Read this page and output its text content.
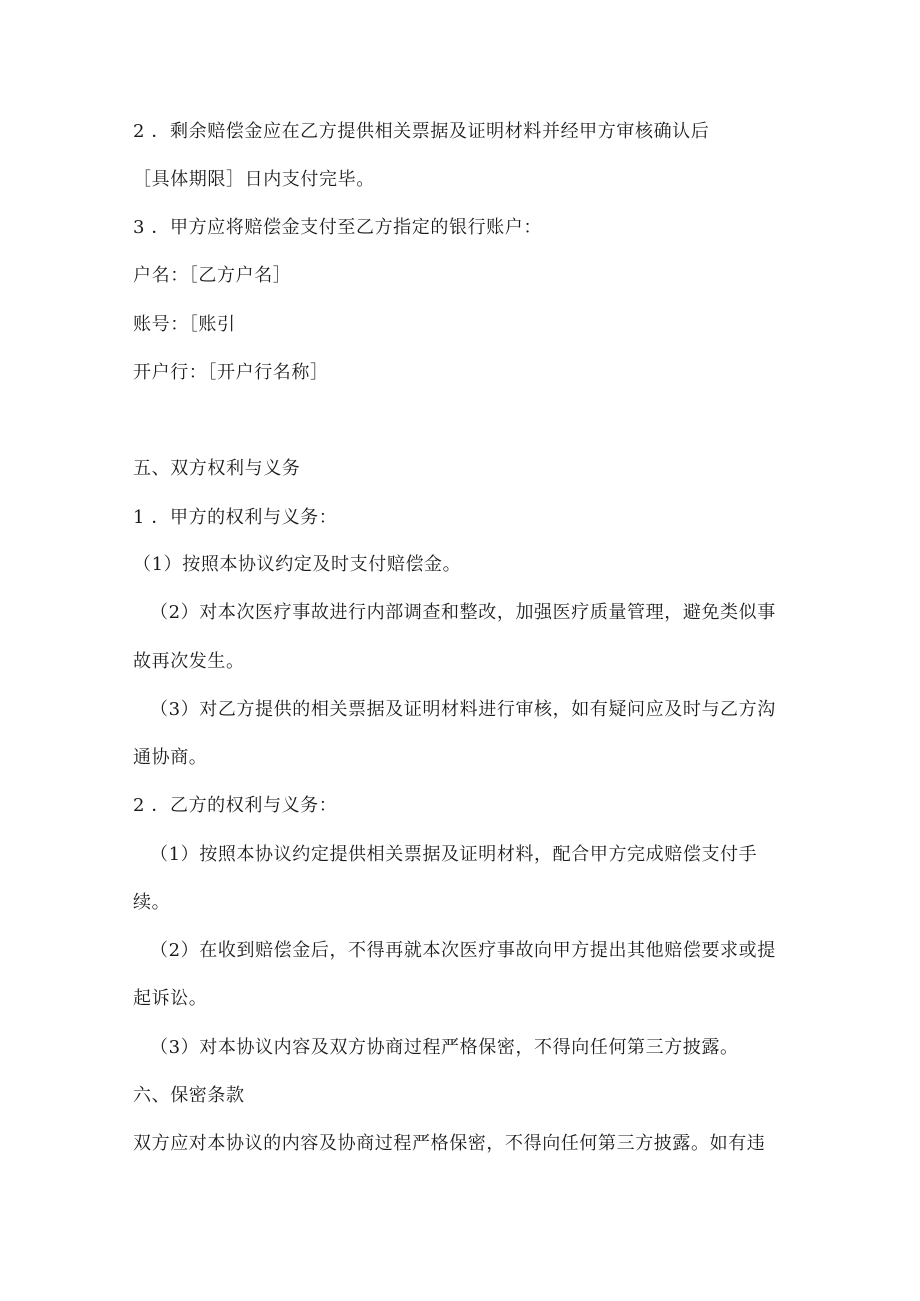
2 ．剩余赔偿金应在乙方提供相关票据及证明材料并经甲方审核确认后

［具体期限］日内支付完毕。

3 ．甲方应将赔偿金支付至乙方指定的银行账户：

户名：［乙方户名］

账号：［账引

开户行：［开户行名称］

五、双方权利与义务

1 ．甲方的权利与义务：

（1）按照本协议约定及时支付赔偿金。

（2）对本次医疗事故进行内部调查和整改，加强医疗质量管理，避免类似事

故再次发生。

（3）对乙方提供的相关票据及证明材料进行审核，如有疑问应及时与乙方沟

通协商。

2 ．乙方的权利与义务：

（1）按照本协议约定提供相关票据及证明材料，配合甲方完成赔偿支付手

续。

（2）在收到赔偿金后，不得再就本次医疗事故向甲方提出其他赔偿要求或提

起诉讼。

（3）对本协议内容及双方协商过程严格保密，不得向任何第三方披露。

六、保密条款

双方应对本协议的内容及协商过程严格保密，不得向任何第三方披露。如有违
